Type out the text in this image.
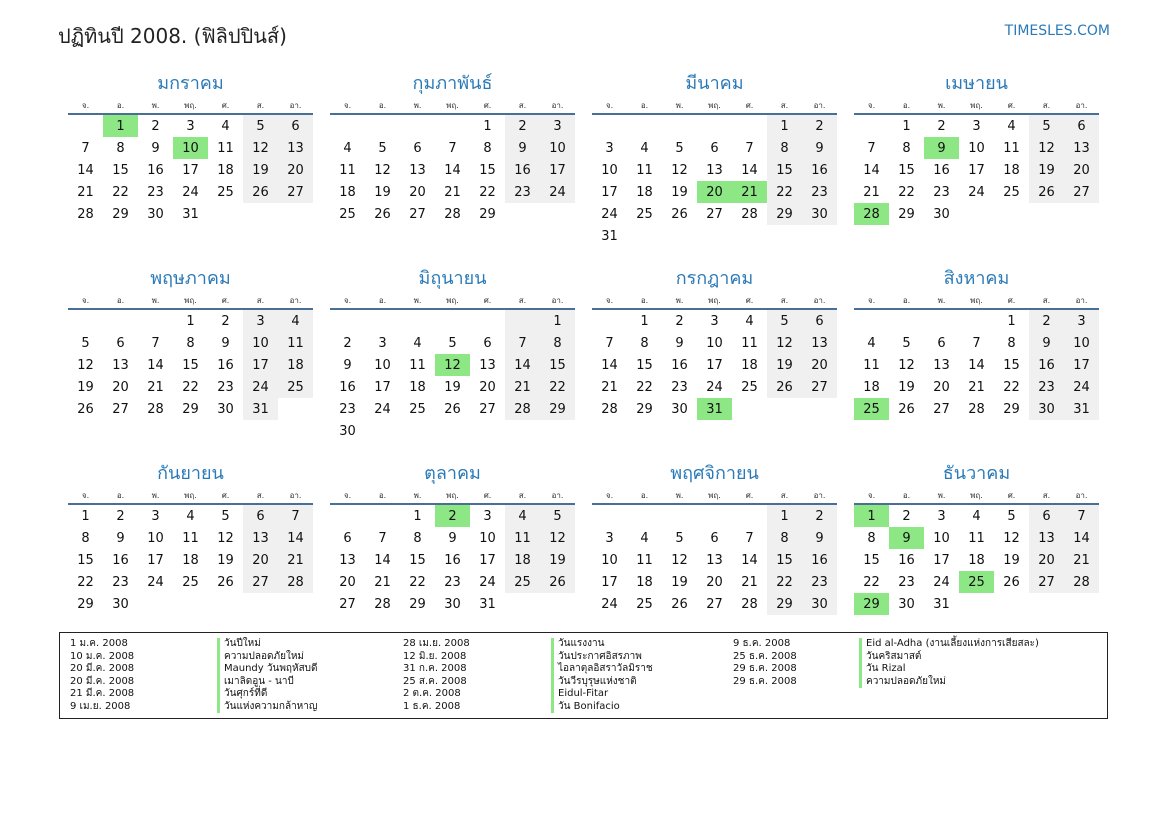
ปฏิทินปี 2008. (ฟิลิปปินส์)	TIMESLES.COM
มกราคม
จ.	อ.	พ.	พฤ.	ศ.	ส.	อา.
	1	2	3	4	5	6
7	8	9	10	11	12	13
14	15	16	17	18	19	20
21	22	23	24	25	26	27
28	29	30	31			
กุมภาพันธ์
จ.	อ.	พ.	พฤ.	ศ.	ส.	อา.
				1	2	3
4	5	6	7	8	9	10
11	12	13	14	15	16	17
18	19	20	21	22	23	24
25	26	27	28	29		
มีนาคม
จ.	อ.	พ.	พฤ.	ศ.	ส.	อา.
					1	2
3	4	5	6	7	8	9
10	11	12	13	14	15	16
17	18	19	20	21	22	23
24	25	26	27	28	29	30
31						
เมษายน
จ.	อ.	พ.	พฤ.	ศ.	ส.	อา.
	1	2	3	4	5	6
7	8	9	10	11	12	13
14	15	16	17	18	19	20
21	22	23	24	25	26	27
28	29	30				
พฤษภาคม
จ.	อ.	พ.	พฤ.	ศ.	ส.	อา.
			1	2	3	4
5	6	7	8	9	10	11
12	13	14	15	16	17	18
19	20	21	22	23	24	25
26	27	28	29	30	31	
มิถุนายน
จ.	อ.	พ.	พฤ.	ศ.	ส.	อา.
						1
2	3	4	5	6	7	8
9	10	11	12	13	14	15
16	17	18	19	20	21	22
23	24	25	26	27	28	29
30						
กรกฎาคม
จ.	อ.	พ.	พฤ.	ศ.	ส.	อา.
	1	2	3	4	5	6
7	8	9	10	11	12	13
14	15	16	17	18	19	20
21	22	23	24	25	26	27
28	29	30	31			
สิงหาคม
จ.	อ.	พ.	พฤ.	ศ.	ส.	อา.
				1	2	3
4	5	6	7	8	9	10
11	12	13	14	15	16	17
18	19	20	21	22	23	24
25	26	27	28	29	30	31
กันยายน
จ.	อ.	พ.	พฤ.	ศ.	ส.	อา.
1	2	3	4	5	6	7
8	9	10	11	12	13	14
15	16	17	18	19	20	21
22	23	24	25	26	27	28
29	30					
ตุลาคม
จ.	อ.	พ.	พฤ.	ศ.	ส.	อา.
		1	2	3	4	5
6	7	8	9	10	11	12
13	14	15	16	17	18	19
20	21	22	23	24	25	26
27	28	29	30	31		
พฤศจิกายน
จ.	อ.	พ.	พฤ.	ศ.	ส.	อา.
					1	2
3	4	5	6	7	8	9
10	11	12	13	14	15	16
17	18	19	20	21	22	23
24	25	26	27	28	29	30
ธันวาคม
จ.	อ.	พ.	พฤ.	ศ.	ส.	อา.
1	2	3	4	5	6	7
8	9	10	11	12	13	14
15	16	17	18	19	20	21
22	23	24	25	26	27	28
29	30	31				
1 ม.ค. 2008	วันปีใหม่
10 ม.ค. 2008	ความปลอดภัยใหม่
20 มี.ค. 2008	Maundy วันพฤหัสบดี
20 มี.ค. 2008	เมาลิดอูน - นาบี
21 มี.ค. 2008	วันศุกร์ที่ดี
9 เม.ย. 2008	วันแห่งความกล้าหาญ
28 เม.ย. 2008	วันแรงงาน
12 มิ.ย. 2008	วันประกาศอิสรภาพ
31 ก.ค. 2008	ไอลาตุลอิสราวัลมิราช
25 ส.ค. 2008	วันวีรบุรุษแห่งชาติ
2 ต.ค. 2008	Eidul-Fitar
1 ธ.ค. 2008	วัน Bonifacio
9 ธ.ค. 2008	Eid al-Adha (งานเลี้ยงแห่งการเสียสละ)
25 ธ.ค. 2008	วันคริสมาสต์
29 ธ.ค. 2008	วัน Rizal
29 ธ.ค. 2008	ความปลอดภัยใหม่
